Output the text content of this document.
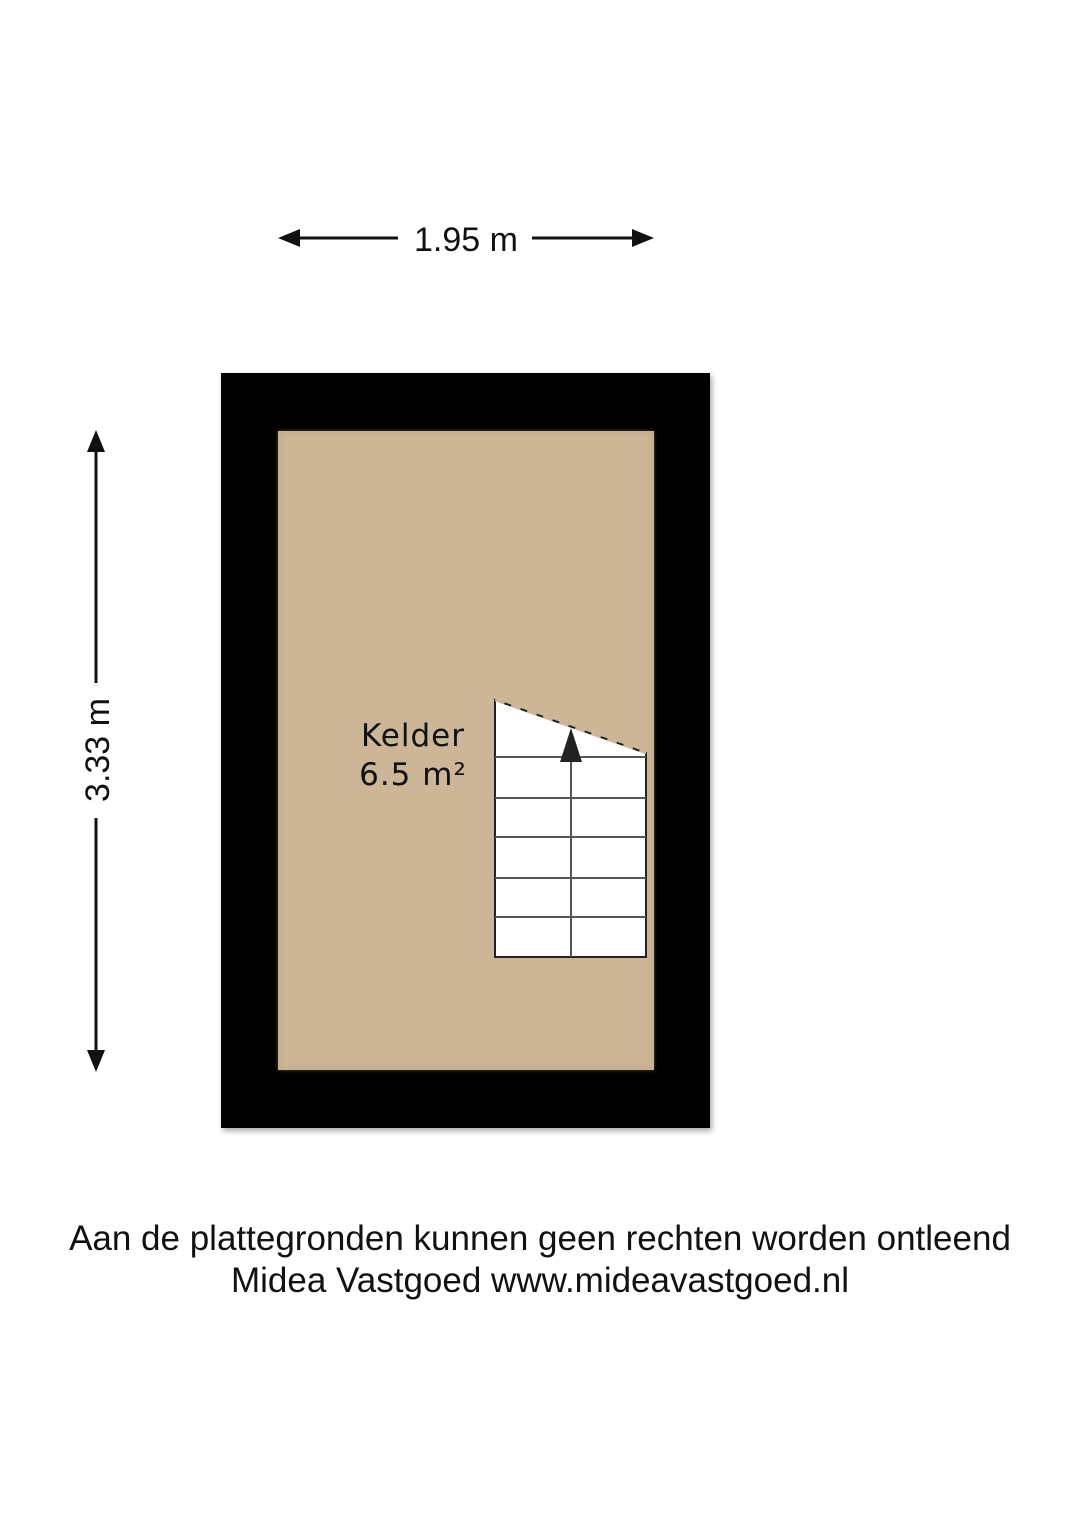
1.95 m
3.33 m	Kelder
6.5 m²
Aan de plattegronden kunnen geen rechten worden ontleend
Midea Vastgoed www.mideavastgoed.nl
